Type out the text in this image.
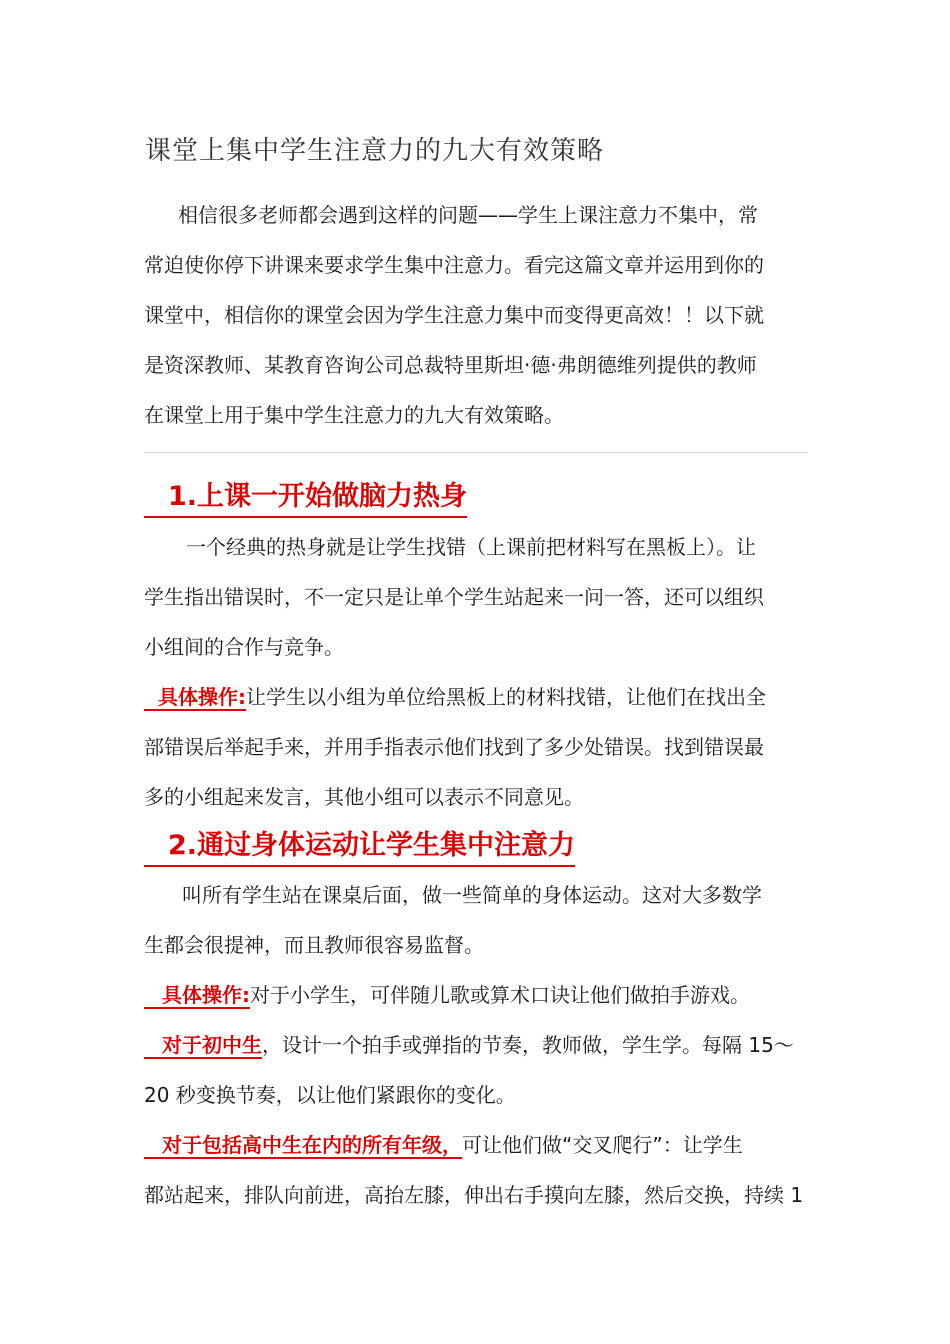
课堂上集中学生注意力的九大有效策略
相信很多老师都会遇到这样的问题——学生上课注意力不集中，常
常迫使你停下讲课来要求学生集中注意力。看完这篇文章并运用到你的
课堂中，相信你的课堂会因为学生注意力集中而变得更高效！！以下就
是资深教师、某教育咨询公司总裁特里斯坦·德·弗朗德维列提供的教师
在课堂上用于集中学生注意力的九大有效策略。
1.上课一开始做脑力热身
一个经典的热身就是让学生找错（上课前把材料写在黑板上）。让
学生指出错误时，不一定只是让单个学生站起来一问一答，还可以组织
小组间的合作与竞争。
具体操作:让学生以小组为单位给黑板上的材料找错，让他们在找出全
部错误后举起手来，并用手指表示他们找到了多少处错误。找到错误最
多的小组起来发言，其他小组可以表示不同意见。
2.通过身体运动让学生集中注意力
叫所有学生站在课桌后面，做一些简单的身体运动。这对大多数学
生都会很提神，而且教师很容易监督。
具体操作:对于小学生，可伴随儿歌或算术口诀让他们做拍手游戏。
对于初中生，设计一个拍手或弹指的节奏，教师做，学生学。每隔 15～
20 秒变换节奏，以让他们紧跟你的变化。
对于包括高中生在内的所有年级，可让他们做“交叉爬行”：让学生
都站起来，排队向前进，高抬左膝，伸出右手摸向左膝，然后交换，持续 1
